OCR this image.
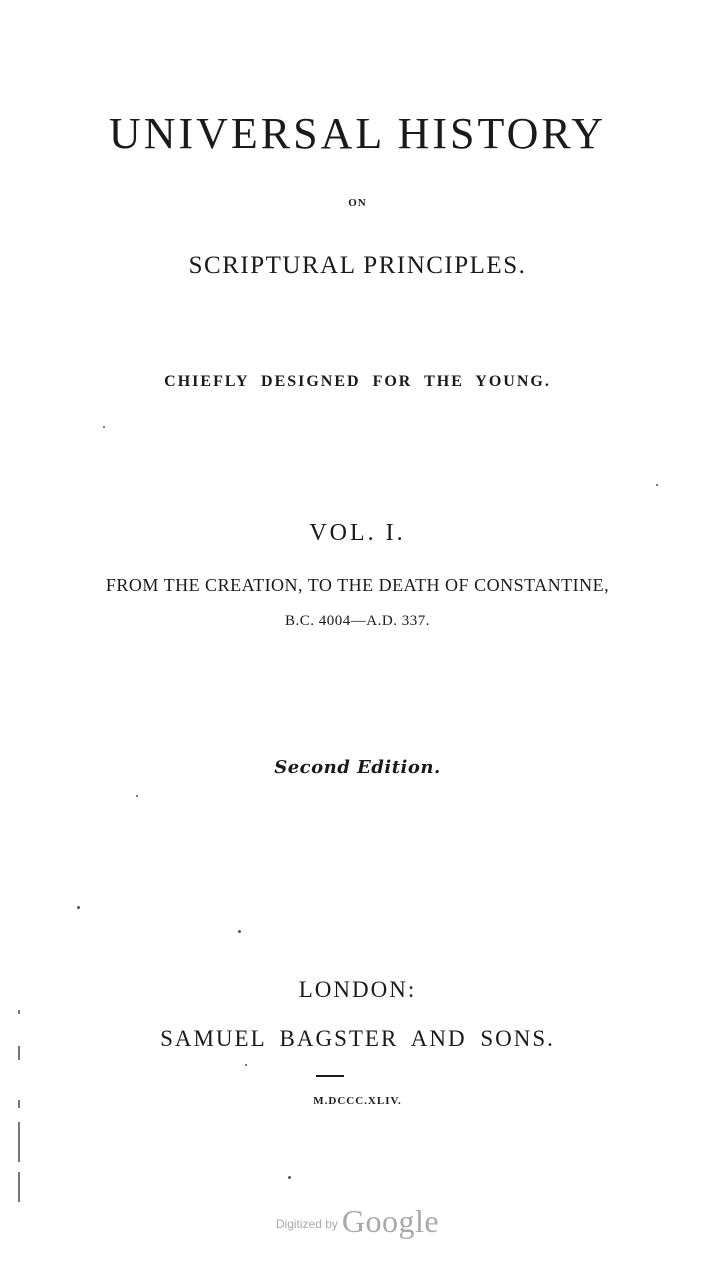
UNIVERSAL HISTORY
ON
SCRIPTURAL PRINCIPLES.
CHIEFLY DESIGNED FOR THE YOUNG.
VOL. I.
FROM THE CREATION, TO THE DEATH OF CONSTANTINE,
B.C. 4004—A.D. 337.
Second Edition.
LONDON:
SAMUEL BAGSTER AND SONS.
M.DCCC.XLIV.
$^{Digitized by}$ Google
